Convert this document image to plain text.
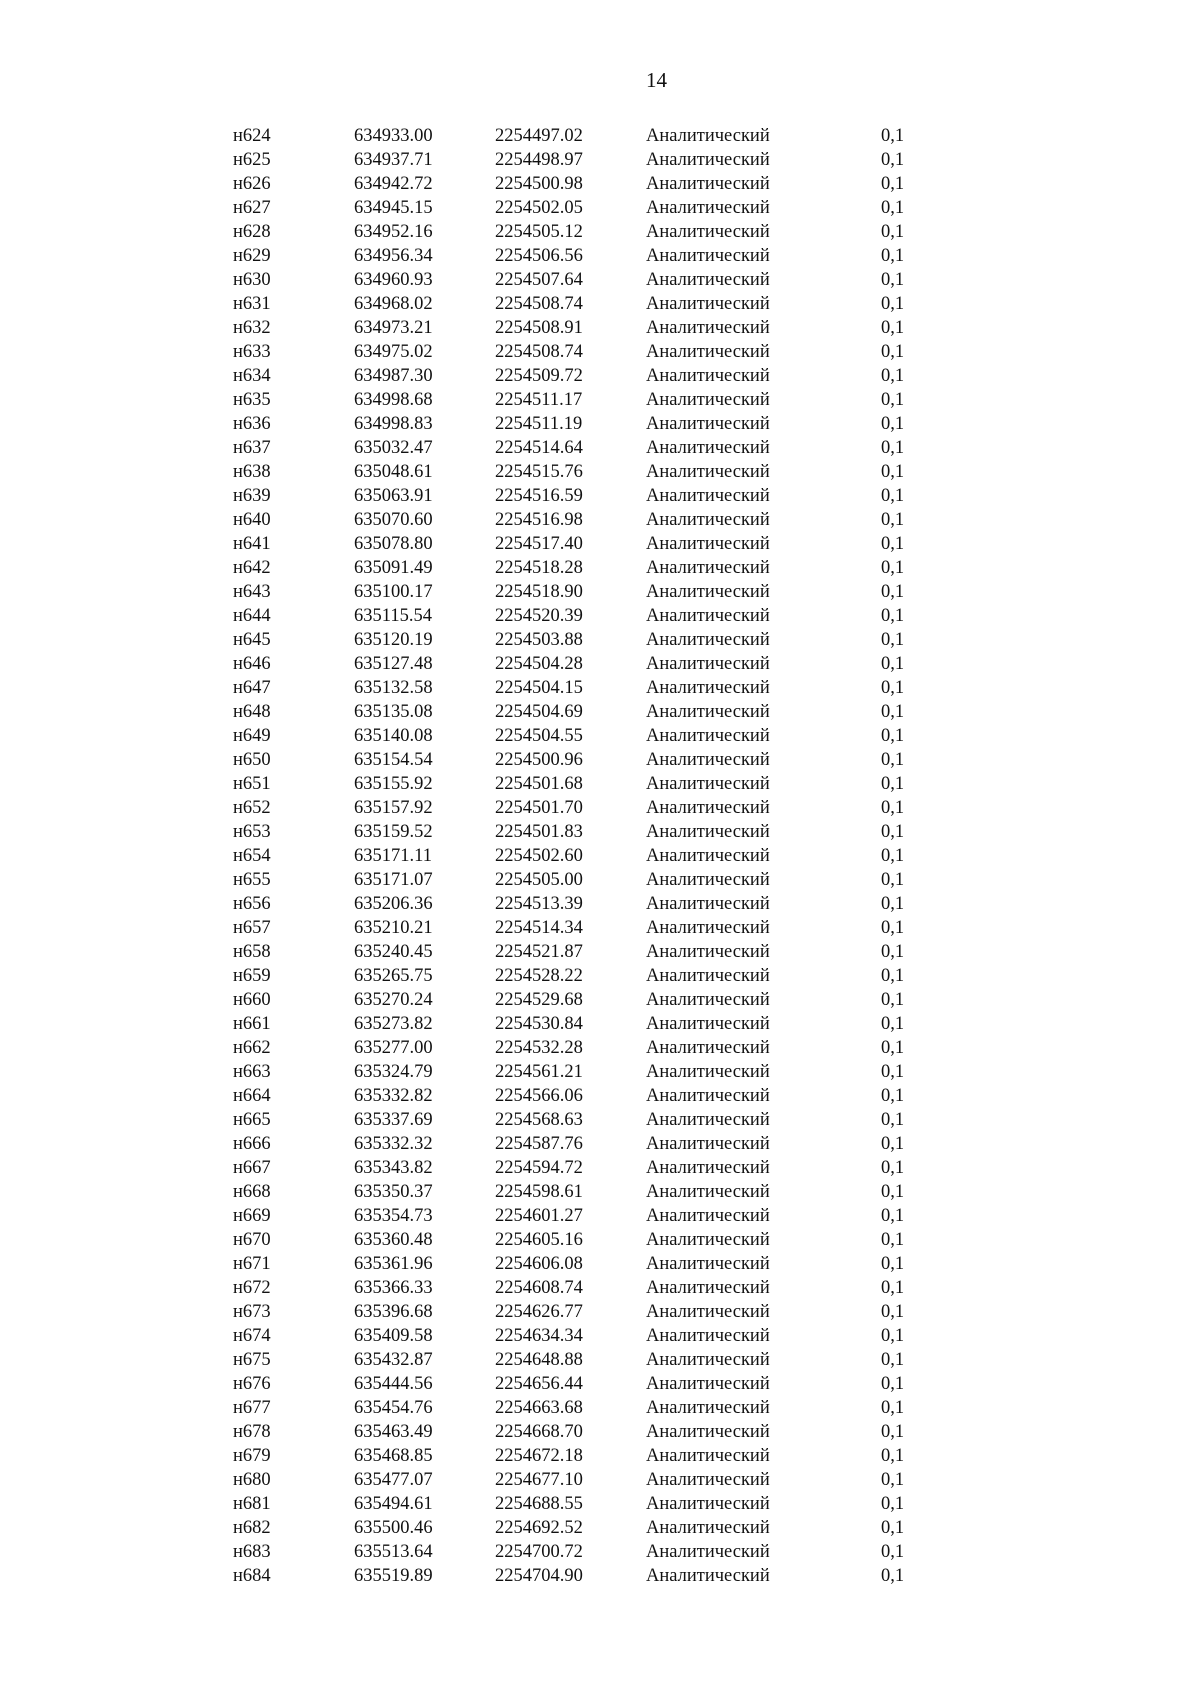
14
н624	634933.00	2254497.02	Аналитический	0,1
н625	634937.71	2254498.97	Аналитический	0,1
н626	634942.72	2254500.98	Аналитический	0,1
н627	634945.15	2254502.05	Аналитический	0,1
н628	634952.16	2254505.12	Аналитический	0,1
н629	634956.34	2254506.56	Аналитический	0,1
н630	634960.93	2254507.64	Аналитический	0,1
н631	634968.02	2254508.74	Аналитический	0,1
н632	634973.21	2254508.91	Аналитический	0,1
н633	634975.02	2254508.74	Аналитический	0,1
н634	634987.30	2254509.72	Аналитический	0,1
н635	634998.68	2254511.17	Аналитический	0,1
н636	634998.83	2254511.19	Аналитический	0,1
н637	635032.47	2254514.64	Аналитический	0,1
н638	635048.61	2254515.76	Аналитический	0,1
н639	635063.91	2254516.59	Аналитический	0,1
н640	635070.60	2254516.98	Аналитический	0,1
н641	635078.80	2254517.40	Аналитический	0,1
н642	635091.49	2254518.28	Аналитический	0,1
н643	635100.17	2254518.90	Аналитический	0,1
н644	635115.54	2254520.39	Аналитический	0,1
н645	635120.19	2254503.88	Аналитический	0,1
н646	635127.48	2254504.28	Аналитический	0,1
н647	635132.58	2254504.15	Аналитический	0,1
н648	635135.08	2254504.69	Аналитический	0,1
н649	635140.08	2254504.55	Аналитический	0,1
н650	635154.54	2254500.96	Аналитический	0,1
н651	635155.92	2254501.68	Аналитический	0,1
н652	635157.92	2254501.70	Аналитический	0,1
н653	635159.52	2254501.83	Аналитический	0,1
н654	635171.11	2254502.60	Аналитический	0,1
н655	635171.07	2254505.00	Аналитический	0,1
н656	635206.36	2254513.39	Аналитический	0,1
н657	635210.21	2254514.34	Аналитический	0,1
н658	635240.45	2254521.87	Аналитический	0,1
н659	635265.75	2254528.22	Аналитический	0,1
н660	635270.24	2254529.68	Аналитический	0,1
н661	635273.82	2254530.84	Аналитический	0,1
н662	635277.00	2254532.28	Аналитический	0,1
н663	635324.79	2254561.21	Аналитический	0,1
н664	635332.82	2254566.06	Аналитический	0,1
н665	635337.69	2254568.63	Аналитический	0,1
н666	635332.32	2254587.76	Аналитический	0,1
н667	635343.82	2254594.72	Аналитический	0,1
н668	635350.37	2254598.61	Аналитический	0,1
н669	635354.73	2254601.27	Аналитический	0,1
н670	635360.48	2254605.16	Аналитический	0,1
н671	635361.96	2254606.08	Аналитический	0,1
н672	635366.33	2254608.74	Аналитический	0,1
н673	635396.68	2254626.77	Аналитический	0,1
н674	635409.58	2254634.34	Аналитический	0,1
н675	635432.87	2254648.88	Аналитический	0,1
н676	635444.56	2254656.44	Аналитический	0,1
н677	635454.76	2254663.68	Аналитический	0,1
н678	635463.49	2254668.70	Аналитический	0,1
н679	635468.85	2254672.18	Аналитический	0,1
н680	635477.07	2254677.10	Аналитический	0,1
н681	635494.61	2254688.55	Аналитический	0,1
н682	635500.46	2254692.52	Аналитический	0,1
н683	635513.64	2254700.72	Аналитический	0,1
н684	635519.89	2254704.90	Аналитический	0,1
